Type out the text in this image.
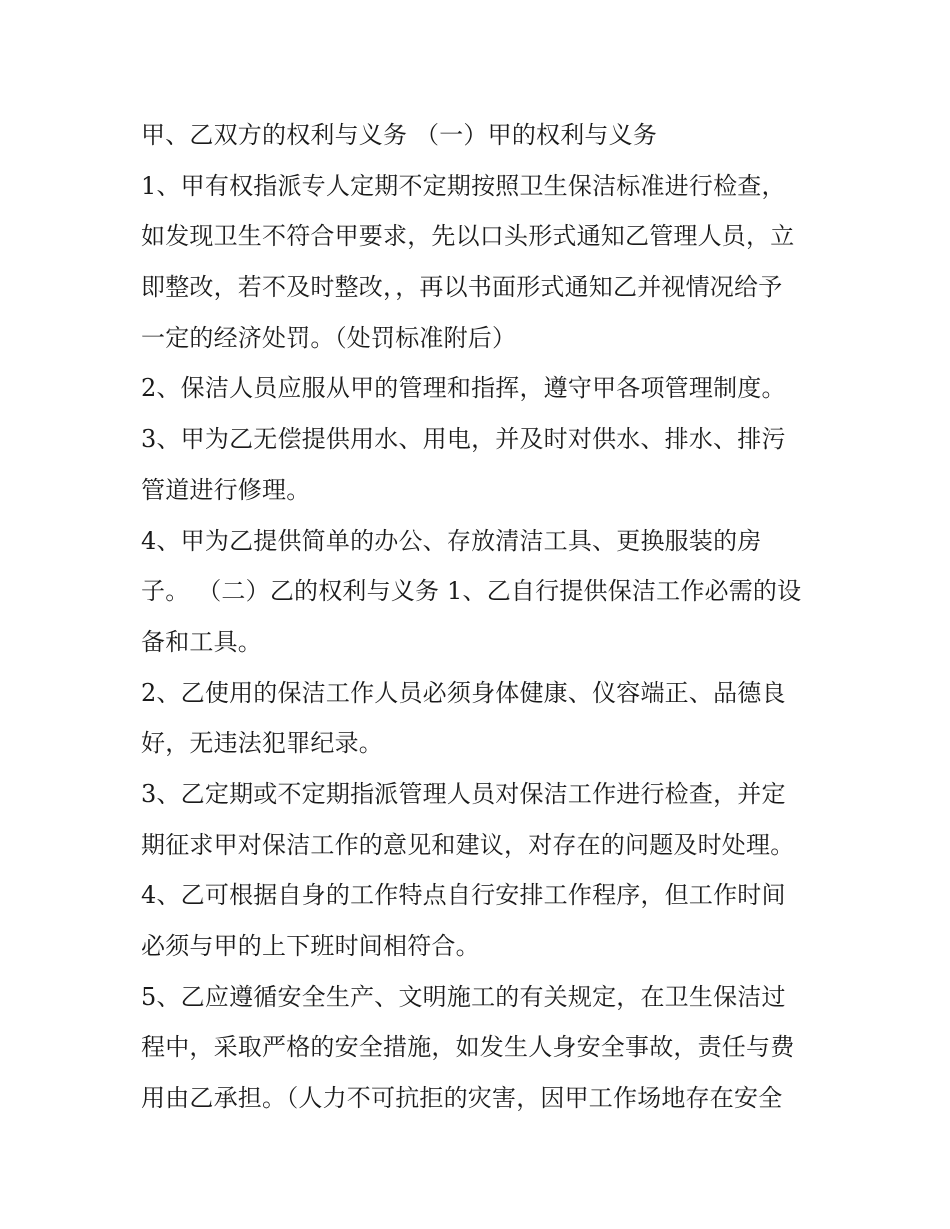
甲、乙双方的权利与义务 （一）甲的权利与义务
1、甲有权指派专人定期不定期按照卫生保洁标准进行检查，
如发现卫生不符合甲要求，先以口头形式通知乙管理人员，立
即整改，若不及时整改，，再以书面形式通知乙并视情况给予
一定的经济处罚。（处罚标准附后）
2、保洁人员应服从甲的管理和指挥，遵守甲各项管理制度。
3、甲为乙无偿提供用水、用电，并及时对供水、排水、排污
管道进行修理。
4、甲为乙提供简单的办公、存放清洁工具、更换服装的房
子。 （二）乙的权利与义务 1、乙自行提供保洁工作必需的设
备和工具。
2、乙使用的保洁工作人员必须身体健康、仪容端正、品德良
好，无违法犯罪纪录。
3、乙定期或不定期指派管理人员对保洁工作进行检查，并定
期征求甲对保洁工作的意见和建议，对存在的问题及时处理。
4、乙可根据自身的工作特点自行安排工作程序，但工作时间
必须与甲的上下班时间相符合。
5、乙应遵循安全生产、文明施工的有关规定，在卫生保洁过
程中，采取严格的安全措施，如发生人身安全事故，责任与费
用由乙承担。（人力不可抗拒的灾害，因甲工作场地存在安全
